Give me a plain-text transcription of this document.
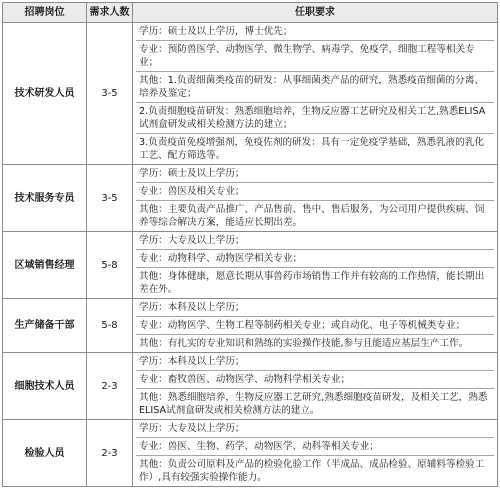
招聘岗位	需求人数	任职要求
技术研发人员	3-5	学历：硕士及以上学历，博士优先；
专业：预防兽医学、动物医学、微生物学、病毒学、免疫学、细胞工程等相关专业；
其他：1.负责细菌类疫苗的研发：从事细菌类产品的研究，熟悉疫苗细菌的分离、培养及鉴定；
2.负责细胞疫苗研发：熟悉细胞培养，生物反应器工艺研究及相关工艺,熟悉ELISA试剂盒研发或相关检测方法的建立；
3.负责疫苗免疫增强剂，免疫佐剂的研发：具有一定免疫学基础，熟悉乳液的乳化工艺、配方筛选等。

技术服务专员	3-5	学历：硕士及以上学历；
专业：兽医及相关专业；
其他：主要负责产品推广、产品售前、售中、售后服务，为公司用户提供疾病、饲养等综合解决方案，能适应长期出差。

区域销售经理	5-8	学历：大专及以上学历；
专业：动物科学、动物医学相关专业；
其他：身体健康，愿意长期从事兽药市场销售工作并有较高的工作热情，能长期出差在外。

生产储备干部	5-8	学历：本科及以上学历；
专业：动物医学、生物工程等制药相关专业；或自动化、电子等机械类专业；
其他：有扎实的专业知识和熟练的实验操作技能,参与且能适应基层生产工作。

细胞技术人员	2-3	学历：本科及以上学历；
专业：畜牧兽医、动物医学、动物科学相关专业；
其他：熟悉细胞培养，生物反应器工艺研究,熟悉细胞疫苗研发，及相关工艺，熟悉ELISA试剂盒研发或相关检测方法的建立。

检验人员	2-3	学历：大专及以上学历；
专业：兽医、生物、药学、动物医学、动科等相关专业；
其他：负责公司原料及产品的检验化验工作（半成品、成品检验、原辅料等检验工作）,具有较强实验操作能力。
